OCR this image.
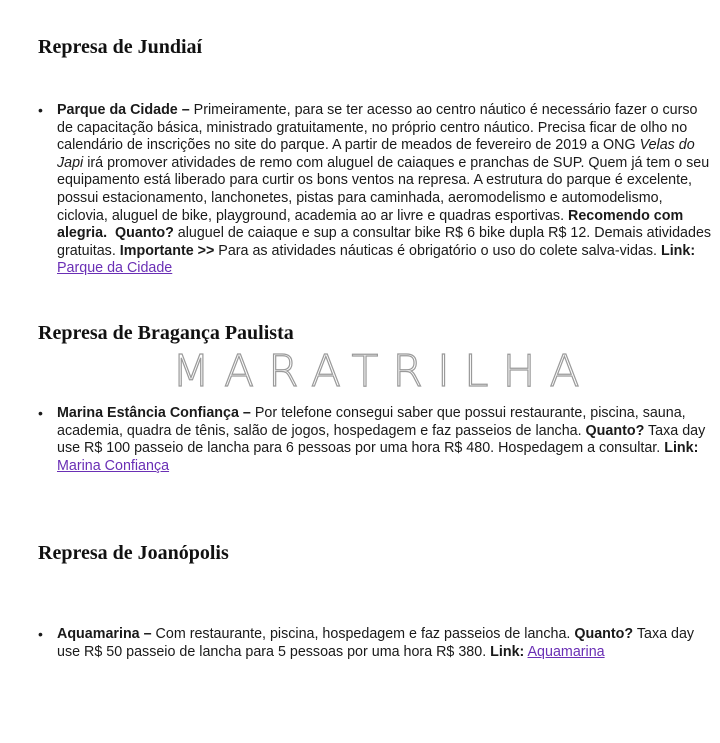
Represa de Jundiaí
• Parque da Cidade – Primeiramente, para se ter acesso ao centro náutico é necessário fazer o curso de capacitação básica, ministrado gratuitamente, no próprio centro náutico. Precisa ficar de olho no calendário de inscrições no site do parque. A partir de meados de fevereiro de 2019 a ONG Velas do Japi irá promover atividades de remo com aluguel de caiaques e pranchas de SUP. Quem já tem o seu equipamento está liberado para curtir os bons ventos na represa. A estrutura do parque é excelente, possui estacionamento, lanchonetes, pistas para caminhada, aeromodelismo e automodelismo, ciclovia, aluguel de bike, playground, academia ao ar livre e quadras esportivas. Recomendo com alegria. Quanto? aluguel de caiaque e sup a consultar bike R$ 6 bike dupla R$ 12. Demais atividades gratuitas. Importante >> Para as atividades náuticas é obrigatório o uso do colete salva-vidas. Link: Parque da Cidade
Represa de Bragança Paulista
MARATRILHA
• Marina Estância Confiança – Por telefone consegui saber que possui restaurante, piscina, sauna, academia, quadra de tênis, salão de jogos, hospedagem e faz passeios de lancha. Quanto? Taxa day use R$ 100 passeio de lancha para 6 pessoas por uma hora R$ 480. Hospedagem a consultar. Link: Marina Confiança
Represa de Joanópolis
• Aquamarina – Com restaurante, piscina, hospedagem e faz passeios de lancha. Quanto? Taxa day use R$ 50 passeio de lancha para 5 pessoas por uma hora R$ 380. Link: Aquamarina
